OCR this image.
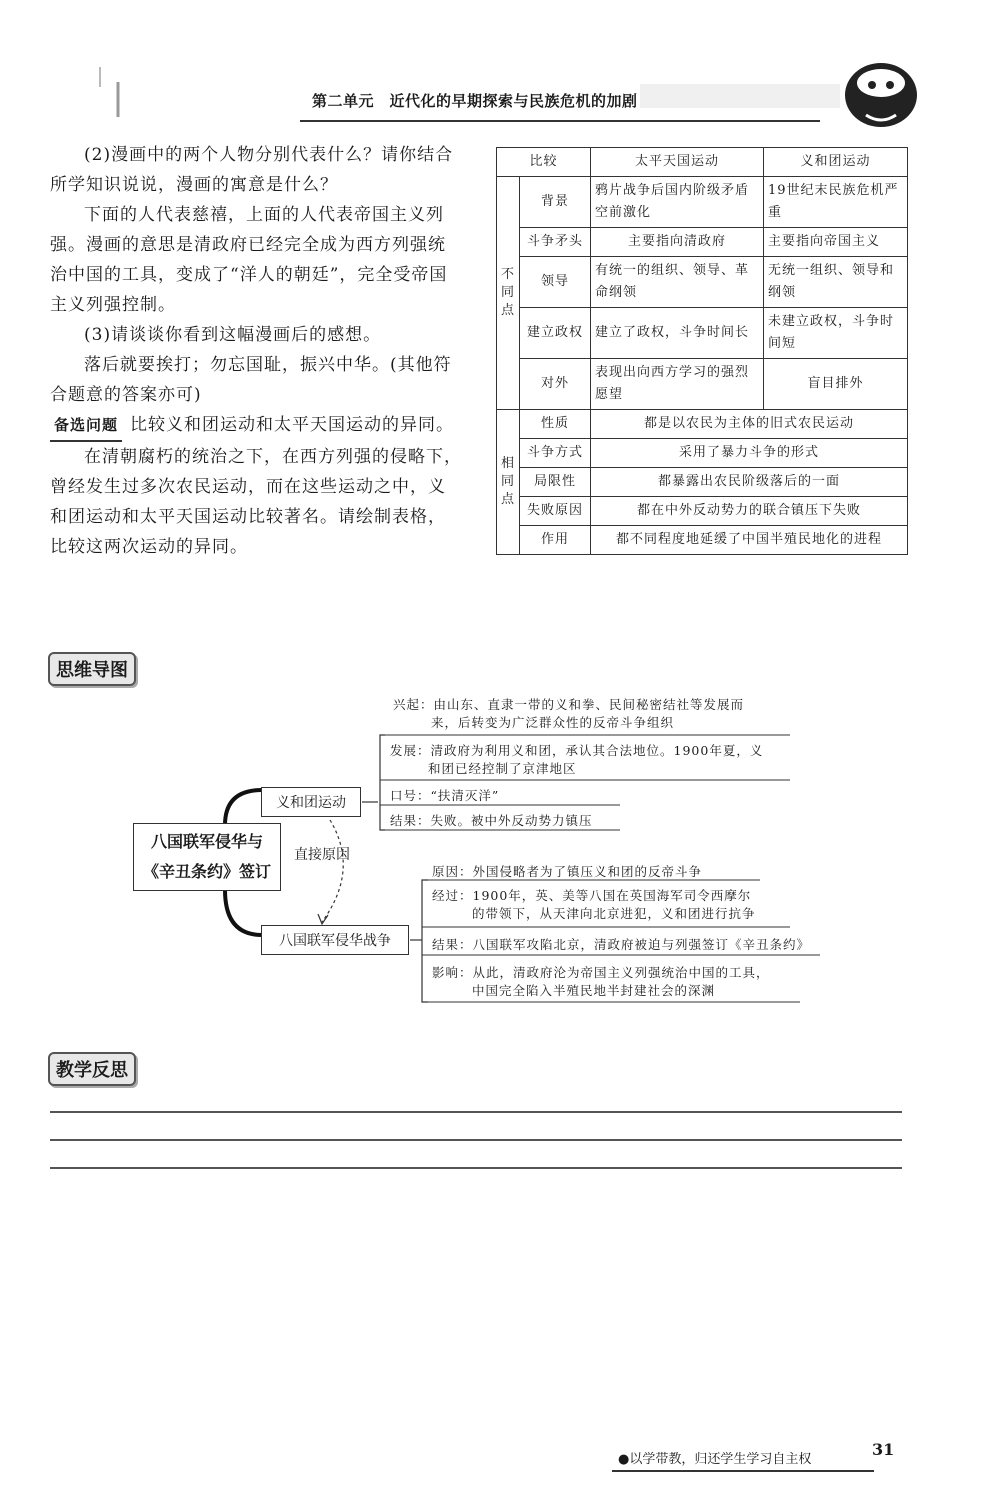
第二单元　近代化的早期探索与民族危机的加剧

(2)漫画中的两个人物分别代表什么？请你结合所学知识说说，漫画的寓意是什么？

下面的人代表慈禧，上面的人代表帝国主义列强。漫画的意思是清政府已经完全成为西方列强统治中国的工具，变成了“洋人的朝廷”，完全受帝国主义列强控制。

(3)请谈谈你看到这幅漫画后的感想。

落后就要挨打；勿忘国耻，振兴中华。(其他符合题意的答案亦可)

备选问题 比较义和团运动和太平天国运动的异同。

在清朝腐朽的统治之下，在西方列强的侵略下，曾经发生过多次农民运动，而在这些运动之中，义和团运动和太平天国运动比较著名。请绘制表格，比较这两次运动的异同。

比较		太平天国运动	义和团运动
不同点	背景	鸦片战争后国内阶级矛盾空前激化	19世纪末民族危机严重
	斗争矛头	主要指向清政府	主要指向帝国主义
	领导	有统一的组织、领导、革命纲领	无统一组织、领导和纲领
	建立政权	建立了政权，斗争时间长	未建立政权，斗争时间短
	对外	表现出向西方学习的强烈愿望	盲目排外
相同点	性质	都是以农民为主体的旧式农民运动	
	斗争方式	采用了暴力斗争的形式	
	局限性	都暴露出农民阶级落后的一面	
	失败原因	都在中外反动势力的联合镇压下失败	
	作用	都不同程度地延缓了中国半殖民地化的进程	
思维导图
八国联军侵华与
《辛丑条约》签订
义和团运动
八国联军侵华战争
直接原因
兴起：由山东、直隶一带的义和拳、民间秘密结社等发展而
来，后转变为广泛群众性的反帝斗争组织
发展：清政府为利用义和团，承认其合法地位。1900年夏，义
和团已经控制了京津地区
口号：“扶清灭洋”
结果：失败。被中外反动势力镇压
原因：外国侵略者为了镇压义和团的反帝斗争
经过：1900年，英、美等八国在英国海军司令西摩尔
的带领下，从天津向北京进犯，义和团进行抗争
结果：八国联军攻陷北京，清政府被迫与列强签订《辛丑条约》
影响：从此，清政府沦为帝国主义列强统治中国的工具，
中国完全陷入半殖民地半封建社会的深渊
教学反思
●以学带教，归还学生学习自主权
31
